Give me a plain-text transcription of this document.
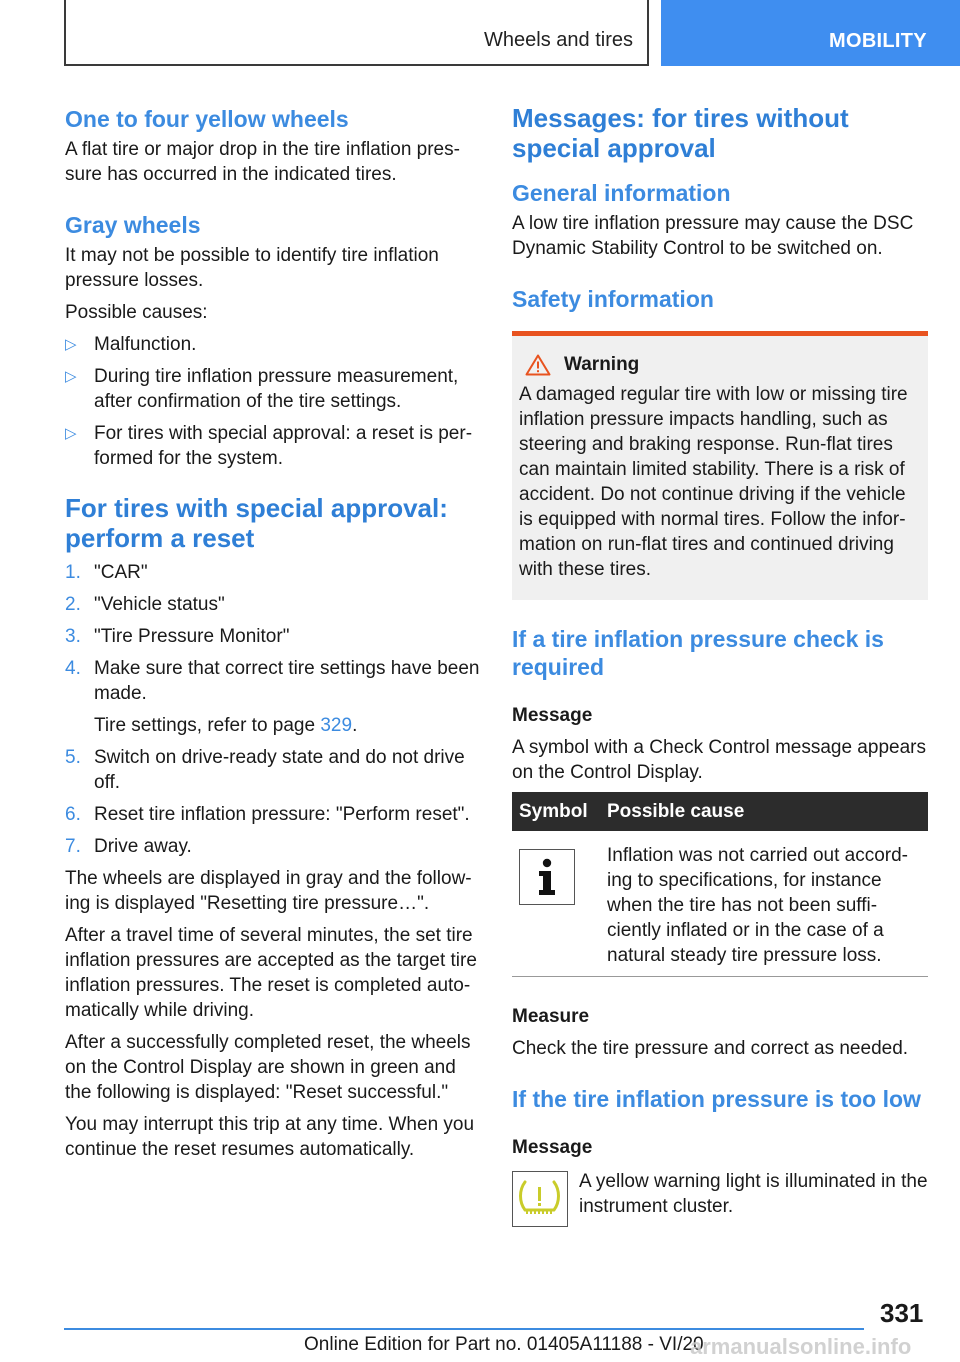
Wheels and tires	MOBILITY
One to four yellow wheels

A flat tire or major drop in the tire inflation pressure has occurred in the indicated tires.

Gray wheels

It may not be possible to identify tire inflation pressure losses.

Possible causes:

▷ Malfunction.
▷ During tire inflation pressure measurement, after confirmation of the tire settings.
▷ For tires with special approval: a reset is performed for the system.
For tires with special approval: perform a reset
1. "CAR"
2. "Vehicle status"
3. "Tire Pressure Monitor"
4. Make sure that correct tire settings have been made.
Tire settings, refer to page 329.
5. Switch on drive-ready state and do not drive off.
6. Reset tire inflation pressure: "Perform reset".
7. Drive away.

The wheels are displayed in gray and the following is displayed "Resetting tire pressure…".

After a travel time of several minutes, the set tire inflation pressures are accepted as the target tire inflation pressures. The reset is completed automatically while driving.

After a successfully completed reset, the wheels on the Control Display are shown in green and the following is displayed: "Reset successful."

You may interrupt this trip at any time. When you continue the reset resumes automatically.

Messages: for tires without special approval
General information

A low tire inflation pressure may cause the DSC Dynamic Stability Control to be switched on.

Safety information
Warning

A damaged regular tire with low or missing tire inflation pressure impacts handling, such as steering and braking response. Run-flat tires can maintain limited stability. There is a risk of accident. Do not continue driving if the vehicle is equipped with normal tires. Follow the information on run-flat tires and continued driving with these tires.

If a tire inflation pressure check is required
Message

A symbol with a Check Control message appears on the Control Display.

Symbol	Possible cause

	Inflation was not carried out according to specifications, for instance when the tire has not been sufficiently inflated or in the case of a natural steady tire pressure loss.
Measure

Check the tire pressure and correct as needed.

If the tire inflation pressure is too low
Message

A yellow warning light is illuminated in the instrument cluster.

331
Online Edition for Part no. 01405A11188 - VI/20
armanualsonline.info
